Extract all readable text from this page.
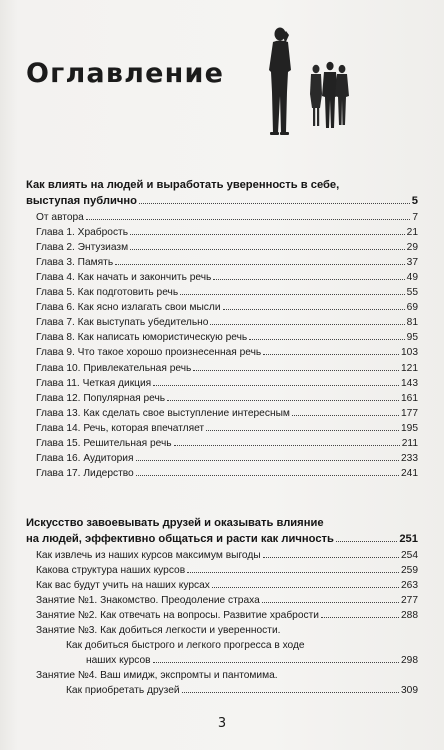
Оглавление
Как влиять на людей и выработать уверенность в себе,
выступая публично	5
От автора	7
Глава 1. Храбрость	21
Глава 2. Энтузиазм	29
Глава 3. Память	37
Глава 4. Как начать и закончить речь	49
Глава 5. Как подготовить речь	55
Глава 6. Как ясно излагать свои мысли	69
Глава 7. Как выступать убедительно	81
Глава 8. Как написать юмористическую речь	95
Глава 9. Что такое хорошо произнесенная речь	103
Глава 10. Привлекательная речь	121
Глава 11. Четкая дикция	143
Глава 12. Популярная речь	161
Глава 13. Как сделать свое выступление интересным	177
Глава 14. Речь, которая впечатляет	195
Глава 15. Решительная речь	211
Глава 16. Аудитория	233
Глава 17. Лидерство	241
Искусство завоевывать друзей и оказывать влияние
на людей, эффективно общаться и расти как личность	251
Как извлечь из наших курсов максимум выгоды	254
Какова структура наших курсов	259
Как вас будут учить на наших курсах	263
Занятие №1. Знакомство. Преодоление страха	277
Занятие №2. Как отвечать на вопросы. Развитие храбрости	288
Занятие №3. Как добиться легкости и уверенности.
Как добиться быстрого и легкого прогресса в ходе
наших курсов	298
Занятие №4. Ваш имидж, экспромты и пантомима.
Как приобретать друзей	309
3
